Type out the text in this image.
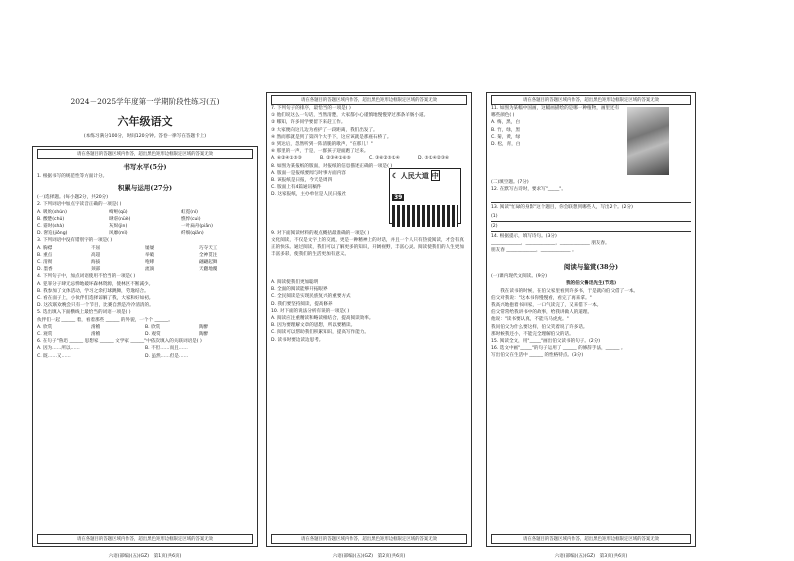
2024－2025学年度第一学期阶段性练习(五)
六年级语文
(本练习满分100分，时间120分钟。答卷一律写在答题卡上)
请在各题目的答题区域内作答，超出黑色矩形边框限定区域的答案无效
书写水平(5分)
1. 根据书写的规范性等方面计分。
积累与运用(27分)
(一)选择题。(每小题2分，共20分)
2. 下列词语中加点字读音正确的一项是( )
A. 吸吮(shǔn)	崎岖(qū)	虹霓(ní)
B. 酸楚(chǔ)	肆虐(nüè)	憔悴(cuì)
C. 霎时(shà)	灰烬(jìn)	一叶扁舟(piān)
D. 窘迫(jiǒng)	风靡(mǐ)	纤细(qiān)
3. 下列词语中没有错别字的一项是( )
A. 胸襟	不屈	屡屡	巧夺天工
B. 重点	高超	举破	全神贯注
C. 清彻	海拔	咆哮	翩翩起舞
D. 墨香	颈部	流淌	天翻地覆
4. 下列句子中，加点词语使用不恰当的一项是( )
A. 犯罪分子肆无忌惮地破坏森林资源，使林区不断减少。
B. 我参加了文体活动，学习之余打球跳舞，劳逸结合。
C. 看在面子上，小伙伴们选择谅解了我，大家和好如初。
D. 这次联欢晚会只有一个节目，比赛自然是冷冷清清的。
5. 选出填入下面横线上最恰当的词语一项是( )
伙伴们一起 ______ 着，看着那些 ______ 的外貌，一个个 ______。
A. 欣赏	滑稽	B. 欣赏	陶醉
C. 观赏	滑稽	D. 观赏	陶醉
6. 在句子"鲁迅 ______ 思想家 ______ 文学家 ______"中依次填入的关联词语是( )
A. 因为……所以……	B. 不但……而且……
C. 既……又……	D. 虽然……但是……
请在各题目的答题区域内作答，超出黑色矩形边框限定区域的答案无效
六语(部编)(五)(GZ)　第1页(共6页)
请在各题目的答题区域内作答，超出黑色矩形边框限定区域的答案无效
7. 下列句子的排序，最恰当的一项是( )
① 他们说这么一句话，当然清楚，大家都小心谨慎地慢慢穿过那条羊肠小道。
② 哪知，许多同学要留下来赶工作。
③ 大家便向这儿边为看护了一段距离，我们出发了。
④ 然而那就是到了第四个大手下，这应该就是那座石桥了。
⑤ 到达后，忽然听到一阵清脆的歌声，"在那儿！"
⑥ 那里的一声，于是，一群孩子迎面跑了过来。
A. ⑥②④①⑤③	B. ②③④①⑥⑤	C. ③⑥②⑤①④	D. ⑤①④②③⑥
8. 如图为某报纸的版面，对报纸的信息描述正确的一项是( )
A. 版面一是报纸要闻与时事方面内容
B. 该报纸是日报，今天是周四
C. 版面上有4篇通讯稿件
D. 这家报纸，主办单位是人民日报社
☾ 人民大道 中
39
9. 对下面阅读材料的观点概括最准确的一项是( )
文化阅读，不仅是文字上的交流，更是一种精神上的对话，并且一个人只有热爱阅读，才会有真正的快乐。通过阅读，我们可以了解更多的知识，开阔视野，丰富心灵。阅读使我们的人生更加丰富多彩，使我们的生活更加有意义。
A. 阅读使我们更加聪明
B. 全面的阅读能够开拓眼界
C. 全民阅读是实现民族复兴的重要方式
D. 我们要坚持阅读，提高修养
10. 对下面的说法分析有误的一项是( )
A. 阅读应注重精读和略读相结合，提高阅读效率。
B. 因为要理解文章的思想，所以要精读。
C. 阅读可以帮助我们积累知识，提高写作能力。
D. 读书时要边读边思考。
请在各题目的答题区域内作答，超出黑色矩形边框限定区域的答案无效
六语(部编)(五)(GZ)　第2页(共6页)
请在各题目的答题区域内作答，超出黑色矩形边框限定区域的答案无效
11. 如图为某幅中国画，这幅画描绘的是哪一种植物，画里还有哪些颜色( )
A. 梅，黑，白
B. 竹，绿，黑
C. 菊，黄，绿
D. 松，青，白
(二)填空题。(7分)
12. 在默写古诗时，要求写"_____"。
13. 阅读"忙碌的身影"这个题目，你会联想到哪些人，写出2个。(2分)
(1)
(2)
14. 根据提示，填写诗句。(3分)
_____________，_____________，_____________ 朋友春。
朋友春 _____________，_____________ 。
阅读与鉴赏(38分)
(一)课内现代文阅读。(9分)
我的伯父鲁迅先生(节选)
　　我在读书的时候，在伯父家里看到许多书，于是就向伯父借了一本。
伯父对我说："这本书你慢慢看，看完了再来拿。"
我高兴地抱着书回家，一口气读完了，又来借下一本。
伯父常常给我讲书中的故事，给我讲做人的道理。
他说："读书要认真，不能马马虎虎。"
我问伯父为什么要这样，伯父笑着说了许多话。
那时候我还小，不能完全理解伯父的话。
15. 阅读全文，用"_____"画出伯父读书的句子。(2分)
16. 选文中画"_____"的句子运用了 ______ 的修辞手法，______ 。
写出伯父在生活中 ______ 的性格特点。(3分)
请在各题目的答题区域内作答，超出黑色矩形边框限定区域的答案无效
六语(部编)(五)(GZ)　第3页(共6页)
